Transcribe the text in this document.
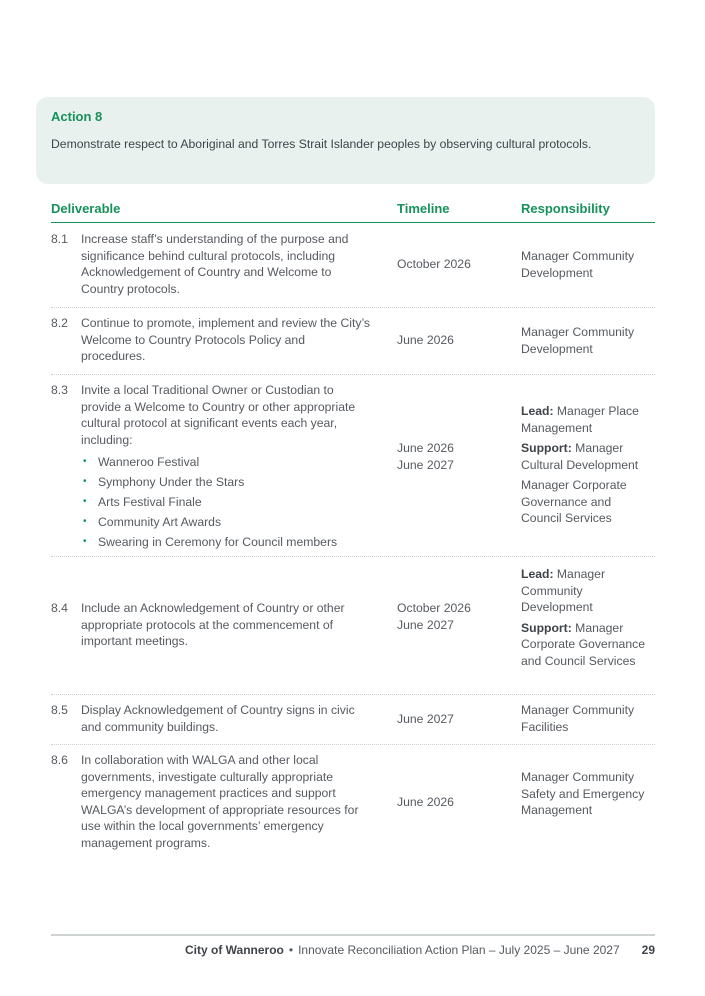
Action 8
Demonstrate respect to Aboriginal and Torres Strait Islander peoples by observing cultural protocols.
Deliverable	Timeline	Responsibility
8.1 Increase staff’s understanding of the purpose and significance behind cultural protocols, including Acknowledgement of Country and Welcome to Country protocols.
October 2026
Manager Community Development
8.2 Continue to promote, implement and review the City’s Welcome to Country Protocols Policy and procedures.
June 2026
Manager Community Development
8.3 Invite a local Traditional Owner or Custodian to provide a Welcome to Country or other appropriate cultural protocol at significant events each year, including:
• Wanneroo Festival
• Symphony Under the Stars
• Arts Festival Finale
• Community Art Awards
• Swearing in Ceremony for Council members
June 2026
June 2027

Lead: Manager Place Management

Support: Manager Cultural Development

Manager Corporate Governance and Council Services

8.4 Include an Acknowledgement of Country or other appropriate protocols at the commencement of important meetings.
October 2026
June 2027

Lead: Manager Community Development

Support: Manager Corporate Governance and Council Services

8.5 Display Acknowledgement of Country signs in civic and community buildings.
June 2027
Manager Community Facilities
8.6 In collaboration with WALGA and other local governments, investigate culturally appropriate emergency management practices and support WALGA’s development of appropriate resources for use within the local governments’ emergency management programs.
June 2026
Manager Community Safety and Emergency Management
City of Wanneroo • Innovate Reconciliation Action Plan – July 2025 – June 2027 29
